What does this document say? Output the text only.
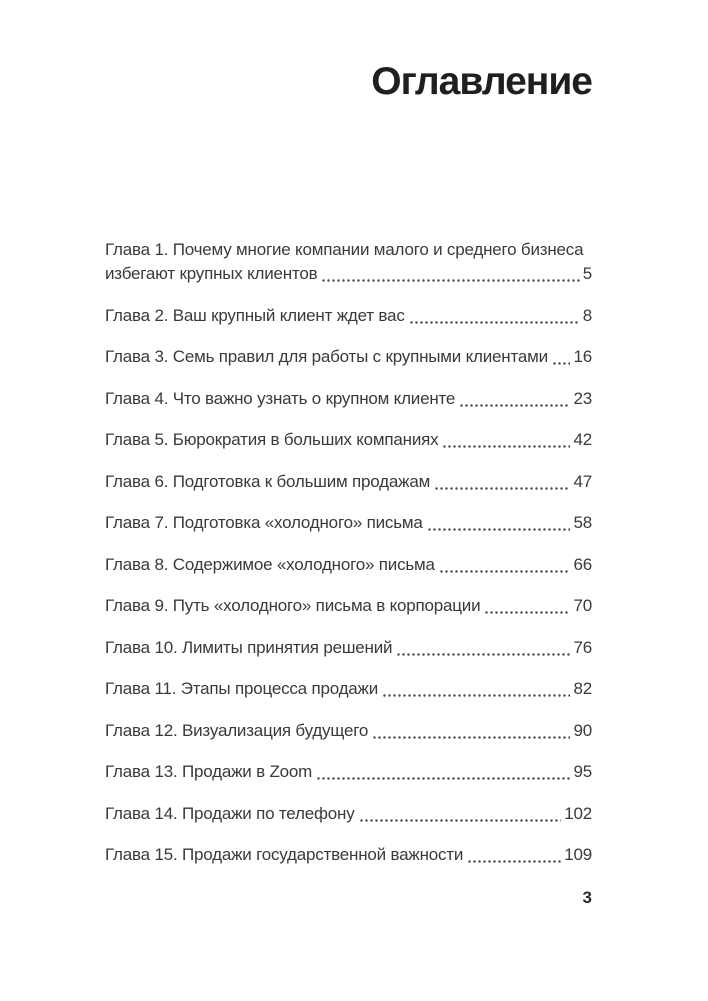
Оглавление
Глава 1. Почему многие компании малого и среднего бизнеса
избегают крупных клиентов	5
Глава 2. Ваш крупный клиент ждет вас	8
Глава 3. Семь правил для работы с крупными клиентами 16
Глава 4. Что важно узнать о крупном клиенте	23
Глава 5. Бюрократия в больших компаниях	42
Глава 6. Подготовка к большим продажам	47
Глава 7. Подготовка «холодного» письма	58
Глава 8. Содержимое «холодного» письма	66
Глава 9. Путь «холодного» письма в корпорации	70
Глава 10. Лимиты принятия решений	76
Глава 11. Этапы процесса продажи	82
Глава 12. Визуализация будущего	90
Глава 13. Продажи в Zoom	95
Глава 14. Продажи по телефону	102
Глава 15. Продажи государственной важности	109
3
